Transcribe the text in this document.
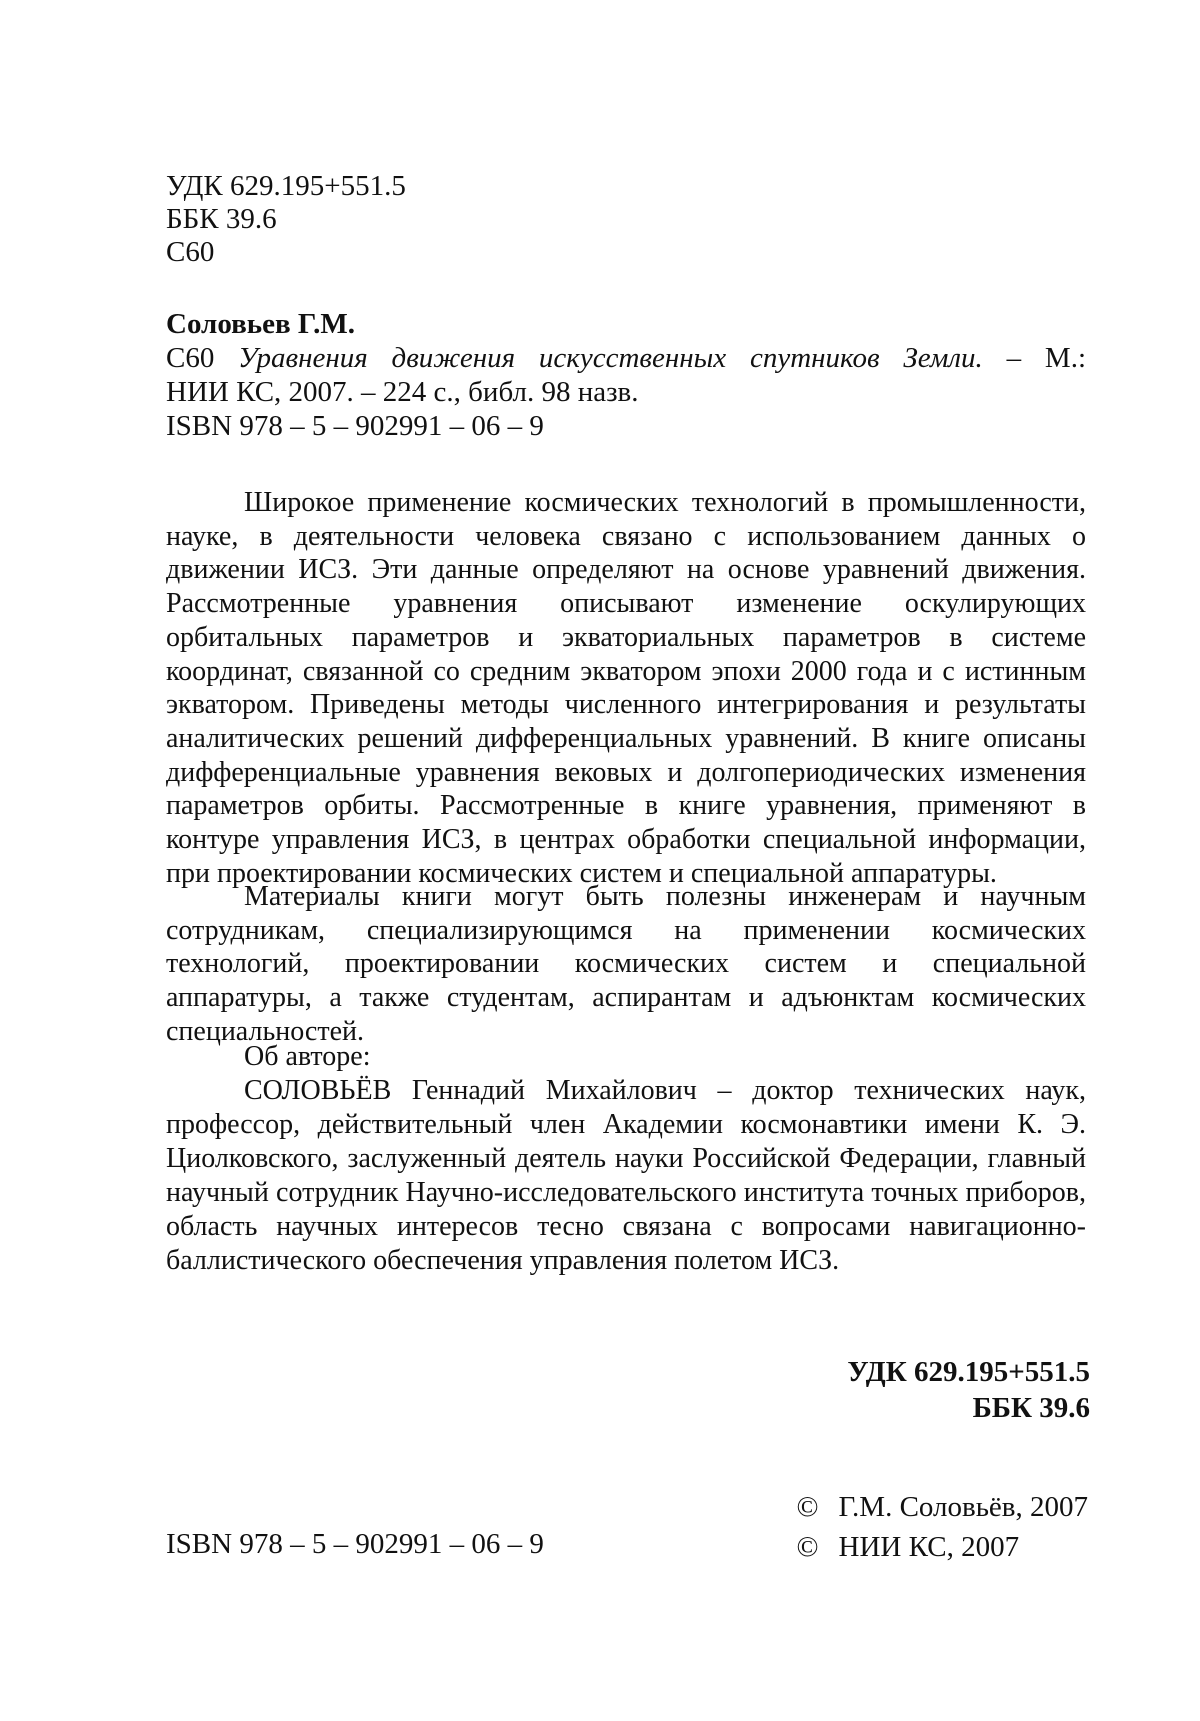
УДК 629.195+551.5
ББК 39.6
С60
Соловьев Г.М.
С60 Уравнения движения искусственных спутников Земли. – М.:
НИИ КС, 2007. – 224 с., библ. 98 назв.
ISBN 978 – 5 – 902991 – 06 – 9

Широкое применение космических технологий в промышленности, науке, в деятельности человека связано с использованием данных о движении ИСЗ. Эти данные определяют на основе уравнений движения. Рассмотренные уравнения описывают изменение оскулирующих орбитальных параметров и экваториальных параметров в системе координат, связанной со средним экватором эпохи 2000 года и с истинным экватором. Приведены методы численного интегрирования и результаты аналитических решений дифференциальных уравнений. В книге описаны дифференциальные уравнения вековых и долгопериодических изменения параметров орбиты. Рассмотренные в книге уравнения, применяют в контуре управления ИСЗ, в центрах обработки специальной информации, при проектировании космических систем и специальной аппаратуры.

Материалы книги могут быть полезны инженерам и научным сотрудникам, специализирующимся на применении космических технологий, проектировании космических систем и специальной аппаратуры, а также студентам, аспирантам и адъюнктам космических специальностей.

Об авторе:

СОЛОВЬЁВ Геннадий Михайлович – доктор технических наук, профессор, действительный член Академии космонавтики имени К. Э. Циолковского, заслуженный деятель науки Российской Федерации, главный научный сотрудник Научно-исследовательского института точных приборов, область научных интересов тесно связана с вопросами навигационно-баллистического обеспечения управления полетом ИСЗ.

УДК 629.195+551.5
ББК 39.6
ISBN 978 – 5 – 902991 – 06 – 9
© Г.М. Соловьёв, 2007
© НИИ КС, 2007
